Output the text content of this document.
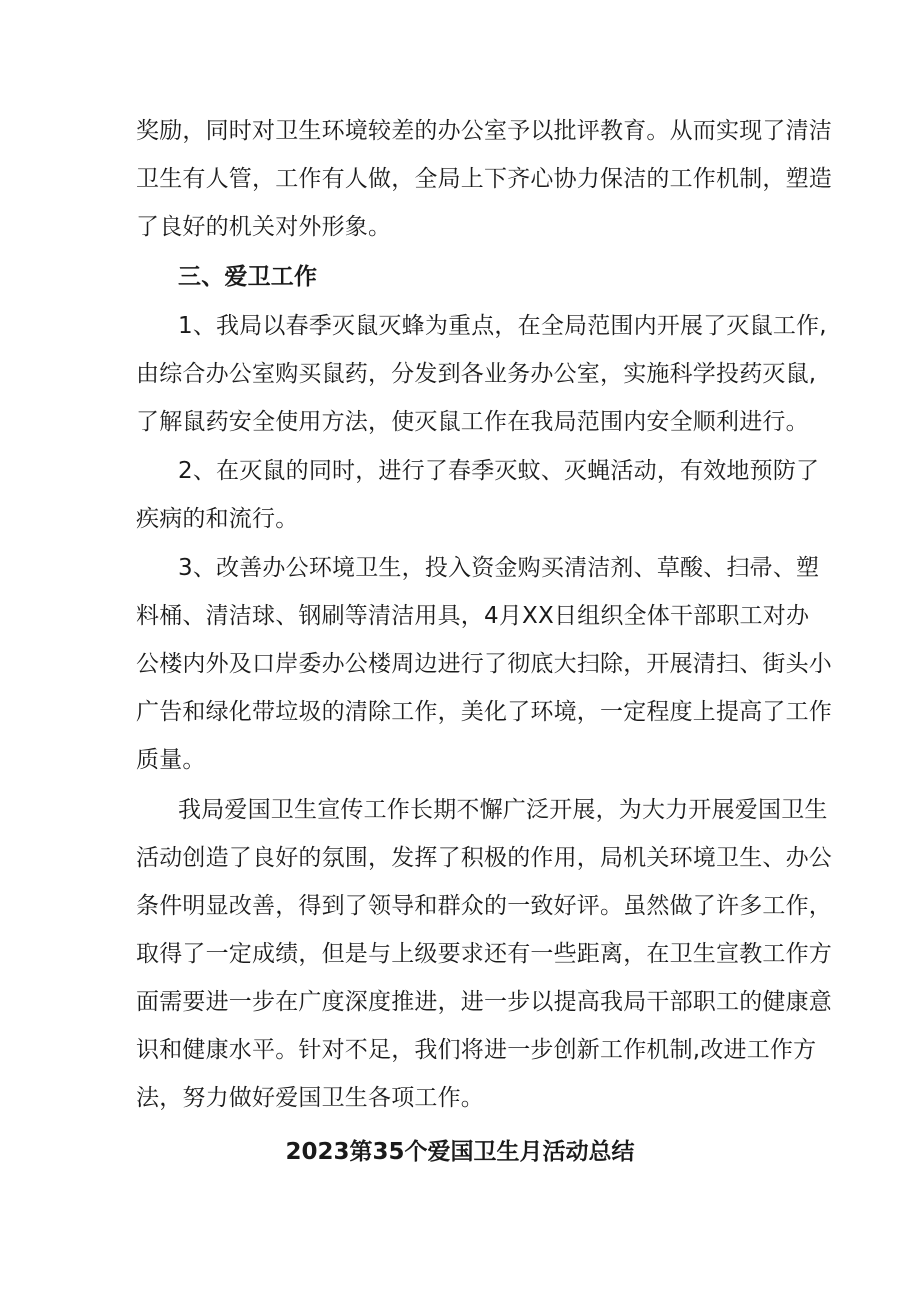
奖励，同时对卫生环境较差的办公室予以批评教育。从而实现了清洁
卫生有人管，工作有人做，全局上下齐心协力保洁的工作机制，塑造
了良好的机关对外形象。
三、爱卫工作
1、我局以春季灭鼠灭蜂为重点，在全局范围内开展了灭鼠工作,
由综合办公室购买鼠药，分发到各业务办公室，实施科学投药灭鼠,
了解鼠药安全使用方法，使灭鼠工作在我局范围内安全顺利进行。
2、在灭鼠的同时，进行了春季灭蚊、灭蝇活动，有效地预防了
疾病的和流行。
3、改善办公环境卫生，投入资金购买清洁剂、草酸、扫帚、塑
料桶、清洁球、钢刷等清洁用具，4月XX日组织全体干部职工对办
公楼内外及口岸委办公楼周边进行了彻底大扫除，开展清扫、街头小
广告和绿化带垃圾的清除工作，美化了环境，一定程度上提高了工作
质量。
我局爱国卫生宣传工作长期不懈广泛开展，为大力开展爱国卫生
活动创造了良好的氛围，发挥了积极的作用，局机关环境卫生、办公
条件明显改善，得到了领导和群众的一致好评。虽然做了许多工作，
取得了一定成绩，但是与上级要求还有一些距离，在卫生宣教工作方
面需要进一步在广度深度推进，进一步以提高我局干部职工的健康意
识和健康水平。针对不足，我们将进一步创新工作机制,改进工作方
法，努力做好爱国卫生各项工作。
2023第35个爱国卫生月活动总结
